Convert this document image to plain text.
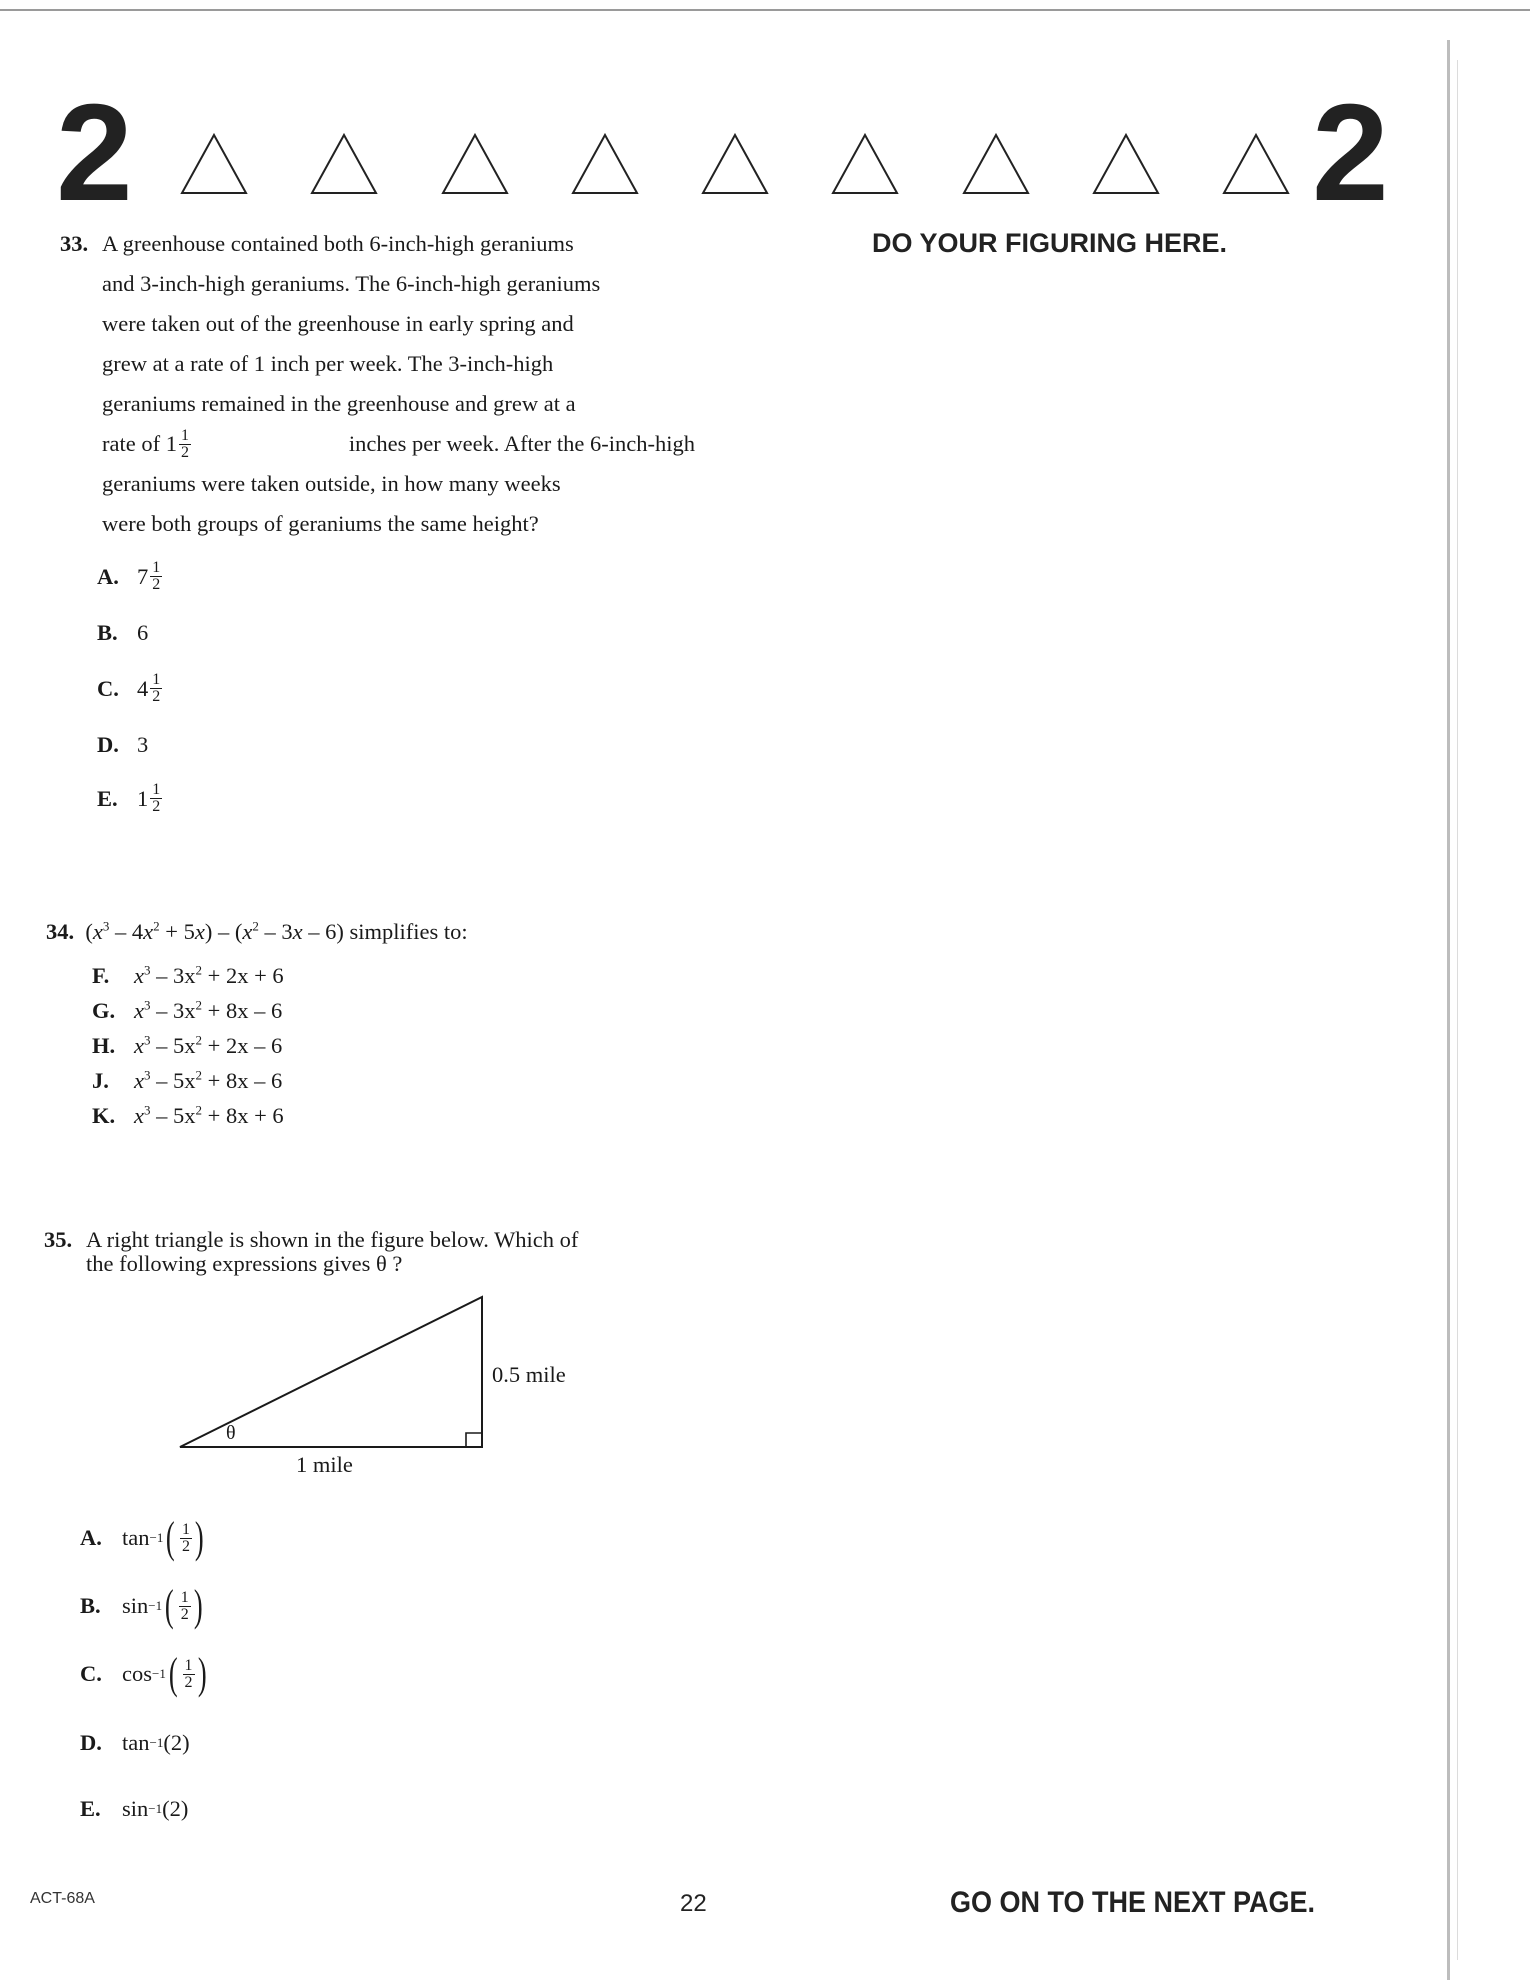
2	2
DO YOUR FIGURING HERE.
33. A greenhouse contained both 6-inch-high geraniums
and 3-inch-high geraniums. The 6-inch-high geraniums
were taken out of the greenhouse in early spring and
grew at a rate of 1 inch per week. The 3-inch-high
geraniums remained in the greenhouse and grew at a
rate of $1 \frac{1}{2}$	inches per week. After the 6-inch-high
geraniums were taken outside, in how many weeks
were both groups of geraniums the same height?
A. $7 \frac{1}{2}$
B. 6
C. $4 \frac{1}{2}$
D. 3
E. $1 \frac{1}{2}$
34.  $(x^3 - 4x^2 + 5x) - (x^2 - 3x - 6)$ simplifies to:
F.	$x^3 - 3x^2 + 2x + 6$
G. $x^3 - 3x^2 + 8x - 6$
H. $x^3 - 5x^2 + 2x - 6$
J.	$x^3 - 5x^2 + 8x - 6$
K. $x^3 - 5x^2 + 8x + 6$
35. A right triangle is shown in the figure below. Which of
the following expressions gives θ ?
0.5 mile
1 mile
θ
A. tan −1 ( $\frac{1}{2}$ )
B. sin −1 ( $\frac{1}{2}$ )
C. cos −1 ( $\frac{1}{2}$ )
D. tan −1 (2)
E. sin −1 (2)
ACT-68A	22	GO ON TO THE NEXT PAGE.
